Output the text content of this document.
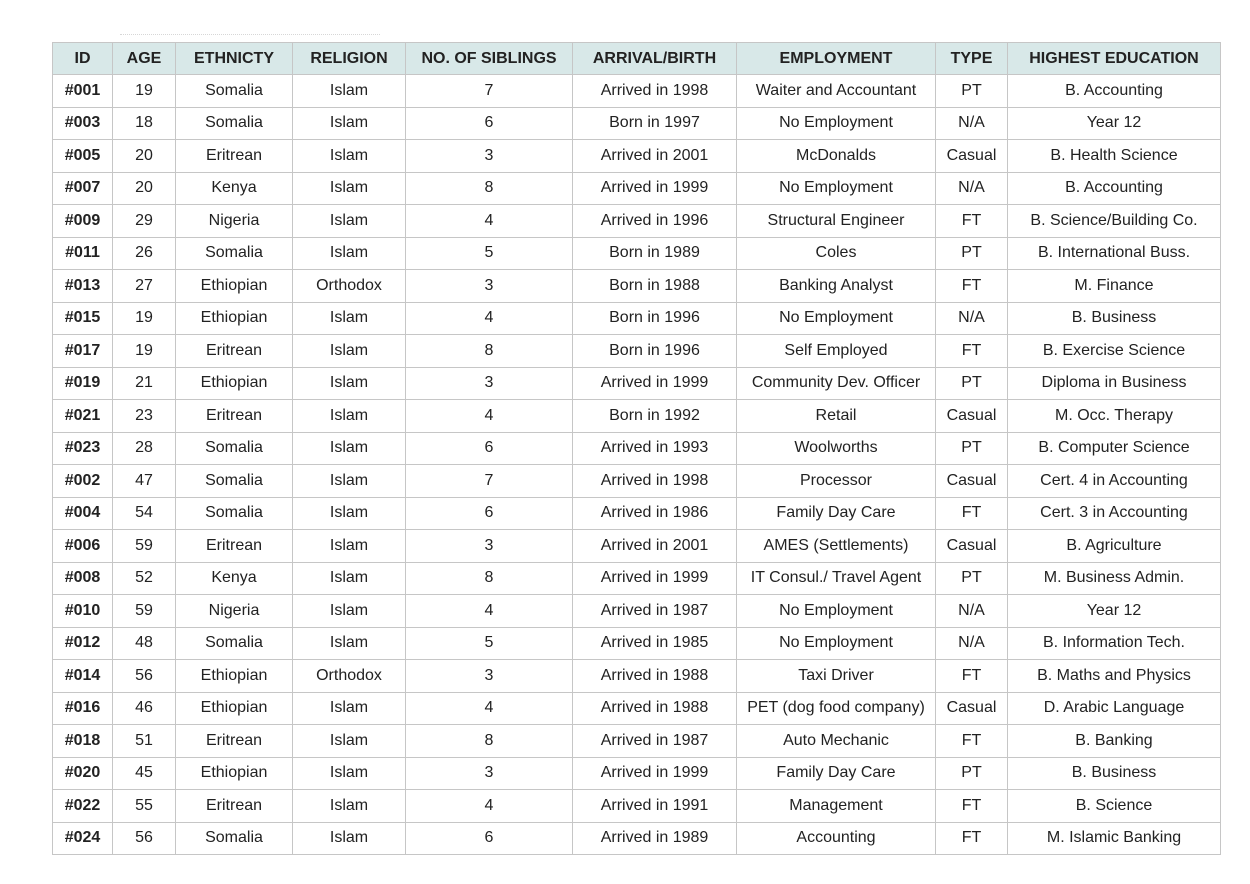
ID	AGE	ETHNICTY	RELIGION	NO. OF SIBLINGS	ARRIVAL/BIRTH	EMPLOYMENT	TYPE	HIGHEST EDUCATION
#001	19	Somalia	Islam	7	Arrived in 1998	Waiter and Accountant	PT	B. Accounting
#003	18	Somalia	Islam	6	Born in 1997	No Employment	N/A	Year 12
#005	20	Eritrean	Islam	3	Arrived in 2001	McDonalds	Casual	B. Health Science
#007	20	Kenya	Islam	8	Arrived in 1999	No Employment	N/A	B. Accounting
#009	29	Nigeria	Islam	4	Arrived in 1996	Structural Engineer	FT	B. Science/Building Co.
#011	26	Somalia	Islam	5	Born in 1989	Coles	PT	B. International Buss.
#013	27	Ethiopian	Orthodox	3	Born in 1988	Banking Analyst	FT	M. Finance
#015	19	Ethiopian	Islam	4	Born in 1996	No Employment	N/A	B. Business
#017	19	Eritrean	Islam	8	Born in 1996	Self Employed	FT	B. Exercise Science
#019	21	Ethiopian	Islam	3	Arrived in 1999	Community Dev. Officer	PT	Diploma in Business
#021	23	Eritrean	Islam	4	Born in 1992	Retail	Casual	M. Occ. Therapy
#023	28	Somalia	Islam	6	Arrived in 1993	Woolworths	PT	B. Computer Science
#002	47	Somalia	Islam	7	Arrived in 1998	Processor	Casual	Cert. 4 in Accounting
#004	54	Somalia	Islam	6	Arrived in 1986	Family Day Care	FT	Cert. 3 in Accounting
#006	59	Eritrean	Islam	3	Arrived in 2001	AMES (Settlements)	Casual	B. Agriculture
#008	52	Kenya	Islam	8	Arrived in 1999	IT Consul./ Travel Agent	PT	M. Business Admin.
#010	59	Nigeria	Islam	4	Arrived in 1987	No Employment	N/A	Year 12
#012	48	Somalia	Islam	5	Arrived in 1985	No Employment	N/A	B. Information Tech.
#014	56	Ethiopian	Orthodox	3	Arrived in 1988	Taxi Driver	FT	B. Maths and Physics
#016	46	Ethiopian	Islam	4	Arrived in 1988	PET (dog food company)	Casual	D. Arabic Language
#018	51	Eritrean	Islam	8	Arrived in 1987	Auto Mechanic	FT	B. Banking
#020	45	Ethiopian	Islam	3	Arrived in 1999	Family Day Care	PT	B. Business
#022	55	Eritrean	Islam	4	Arrived in 1991	Management	FT	B. Science
#024	56	Somalia	Islam	6	Arrived in 1989	Accounting	FT	M. Islamic Banking
